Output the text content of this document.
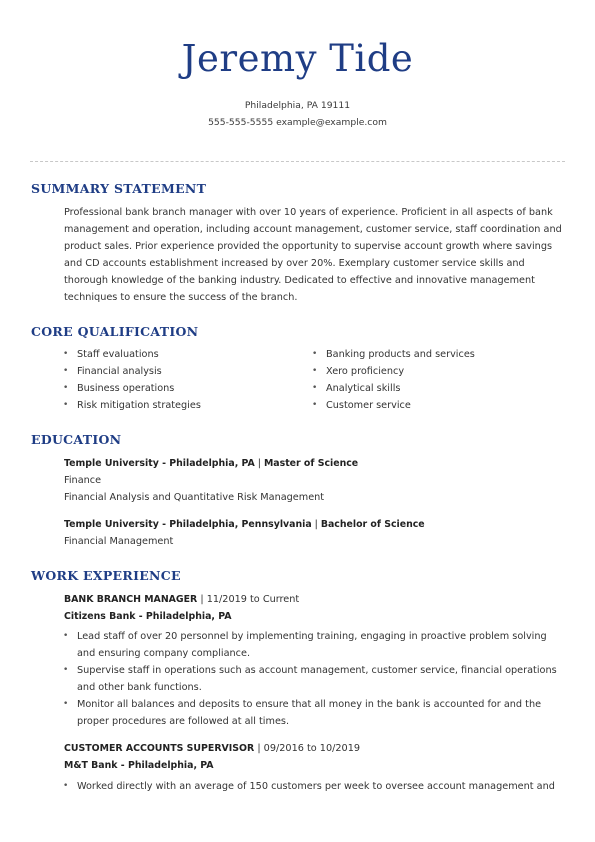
Jeremy Tide
Philadelphia, PA 19111
555-555-5555 example@example.com
SUMMARY STATEMENT
Professional bank branch manager with over 10 years of experience. Proficient in all aspects of bank management and operation, including account management, customer service, staff coordination and product sales. Prior experience provided the opportunity to supervise account growth where savings and CD accounts establishment increased by over 20%. Exemplary customer service skills and thorough knowledge of the banking industry. Dedicated to effective and innovative management techniques to ensure the success of the branch.
CORE QUALIFICATION
• Staff evaluations
• Financial analysis
• Business operations
• Risk mitigation strategies
• Banking products and services
• Xero proficiency
• Analytical skills
• Customer service
EDUCATION
Temple University - Philadelphia, PA | Master of Science
Finance
Financial Analysis and Quantitative Risk Management
Temple University - Philadelphia, Pennsylvania | Bachelor of Science
Financial Management
WORK EXPERIENCE
BANK BRANCH MANAGER | 11/2019 to Current
Citizens Bank - Philadelphia, PA
• Lead staff of over 20 personnel by implementing training, engaging in proactive problem solving and ensuring company compliance.
• Supervise staff in operations such as account management, customer service, financial operations and other bank functions.
• Monitor all balances and deposits to ensure that all money in the bank is accounted for and the proper procedures are followed at all times.
CUSTOMER ACCOUNTS SUPERVISOR | 09/2016 to 10/2019
M&T Bank - Philadelphia, PA
• Worked directly with an average of 150 customers per week to oversee account management and
